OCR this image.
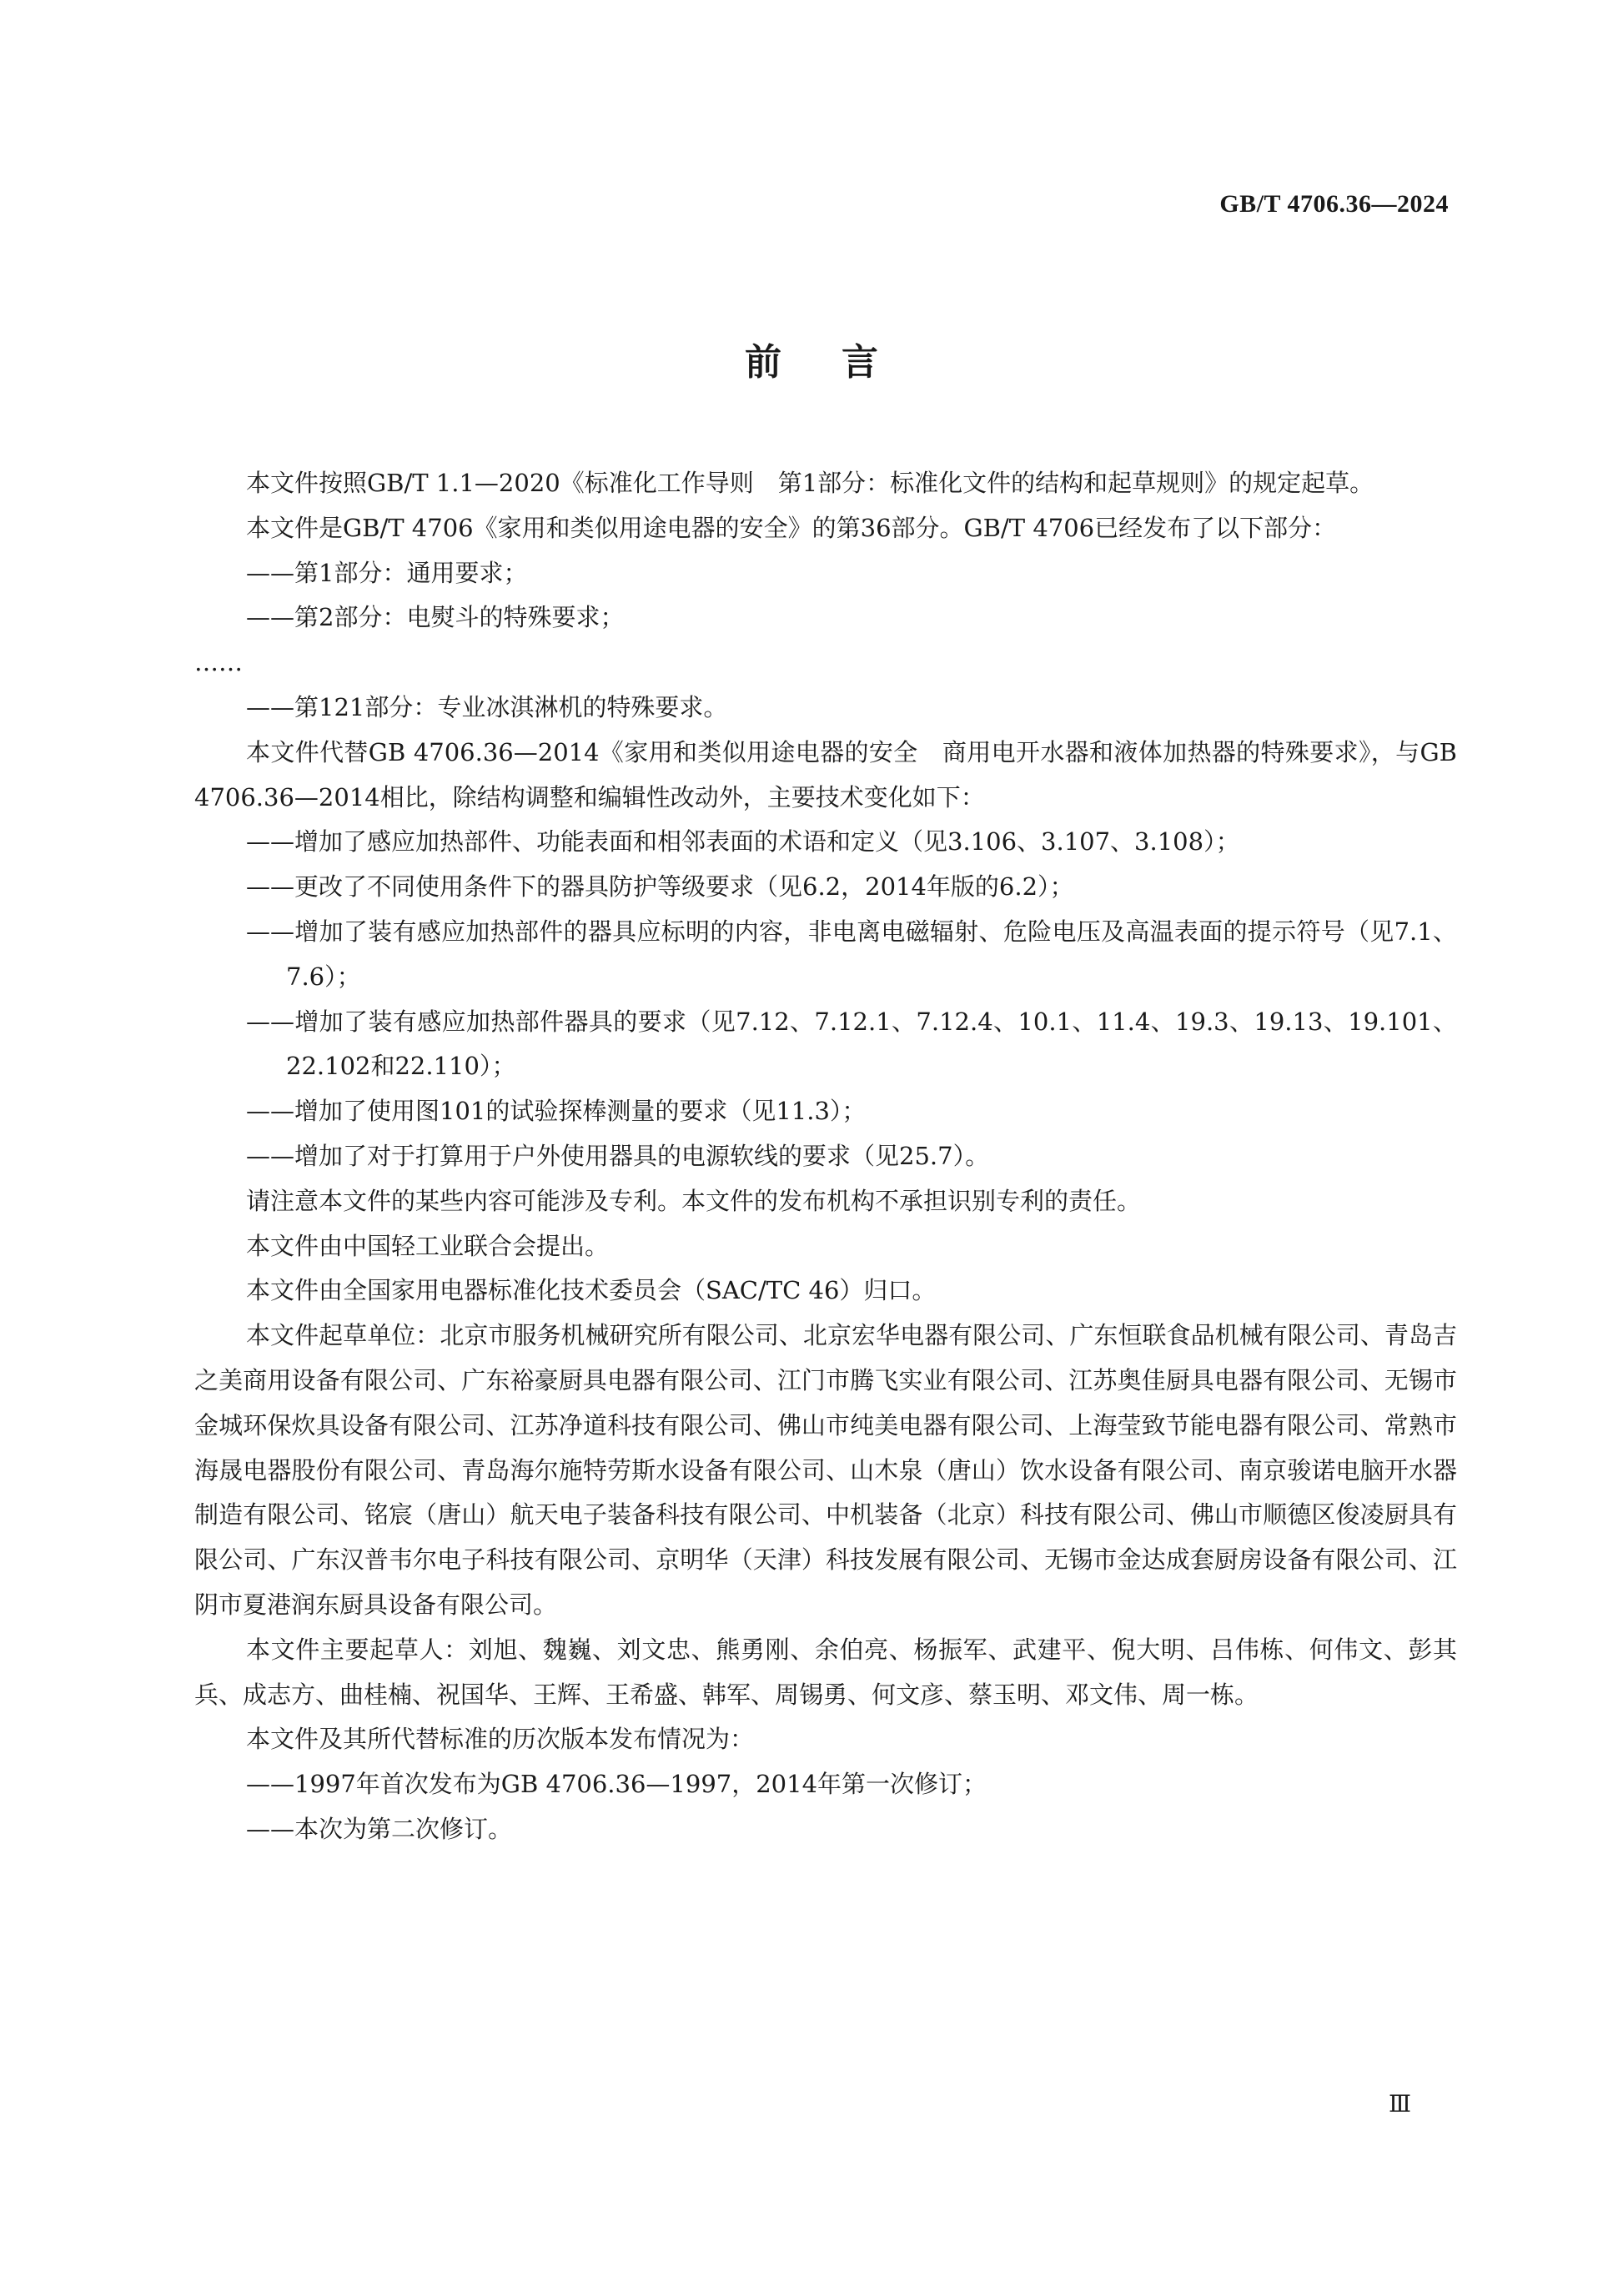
GB/T 4706.36—2024
前言

本文件按照GB/T 1.1—2020《标准化工作导则　第1部分：标准化文件的结构和起草规则》的规定起草。

本文件是GB/T 4706《家用和类似用途电器的安全》的第36部分。GB/T 4706已经发布了以下部分：

——第1部分：通用要求；

——第2部分：电熨斗的特殊要求；

……

——第121部分：专业冰淇淋机的特殊要求。

本文件代替GB 4706.36—2014《家用和类似用途电器的安全　商用电开水器和液体加热器的特殊要求》，与GB 4706.36—2014相比，除结构调整和编辑性改动外，主要技术变化如下：

——增加了感应加热部件、功能表面和相邻表面的术语和定义（见3.106、3.107、3.108）；

——更改了不同使用条件下的器具防护等级要求（见6.2，2014年版的6.2）；

——增加了装有感应加热部件的器具应标明的内容，非电离电磁辐射、危险电压及高温表面的提示符号（见7.1、7.6）；

——增加了装有感应加热部件器具的要求（见7.12、7.12.1、7.12.4、10.1、11.4、19.3、19.13、19.101、22.102和22.110）；

——增加了使用图101的试验探棒测量的要求（见11.3）；

——增加了对于打算用于户外使用器具的电源软线的要求（见25.7）。

请注意本文件的某些内容可能涉及专利。本文件的发布机构不承担识别专利的责任。

本文件由中国轻工业联合会提出。

本文件由全国家用电器标准化技术委员会（SAC/TC 46）归口。

本文件起草单位：北京市服务机械研究所有限公司、北京宏华电器有限公司、广东恒联食品机械有限公司、青岛吉之美商用设备有限公司、广东裕豪厨具电器有限公司、江门市腾飞实业有限公司、江苏奥佳厨具电器有限公司、无锡市金城环保炊具设备有限公司、江苏净道科技有限公司、佛山市纯美电器有限公司、上海莹致节能电器有限公司、常熟市海晟电器股份有限公司、青岛海尔施特劳斯水设备有限公司、山木泉（唐山）饮水设备有限公司、南京骏诺电脑开水器制造有限公司、铭宸（唐山）航天电子装备科技有限公司、中机装备（北京）科技有限公司、佛山市顺德区俊凌厨具有限公司、广东汉普韦尔电子科技有限公司、京明华（天津）科技发展有限公司、无锡市金达成套厨房设备有限公司、江阴市夏港润东厨具设备有限公司。

本文件主要起草人：刘旭、魏巍、刘文忠、熊勇刚、余伯亮、杨振军、武建平、倪大明、吕伟栋、何伟文、彭其兵、成志方、曲桂楠、祝国华、王辉、王希盛、韩军、周锡勇、何文彦、蔡玉明、邓文伟、周一栋。

本文件及其所代替标准的历次版本发布情况为：

——1997年首次发布为GB 4706.36—1997，2014年第一次修订；

——本次为第二次修订。

Ⅲ
